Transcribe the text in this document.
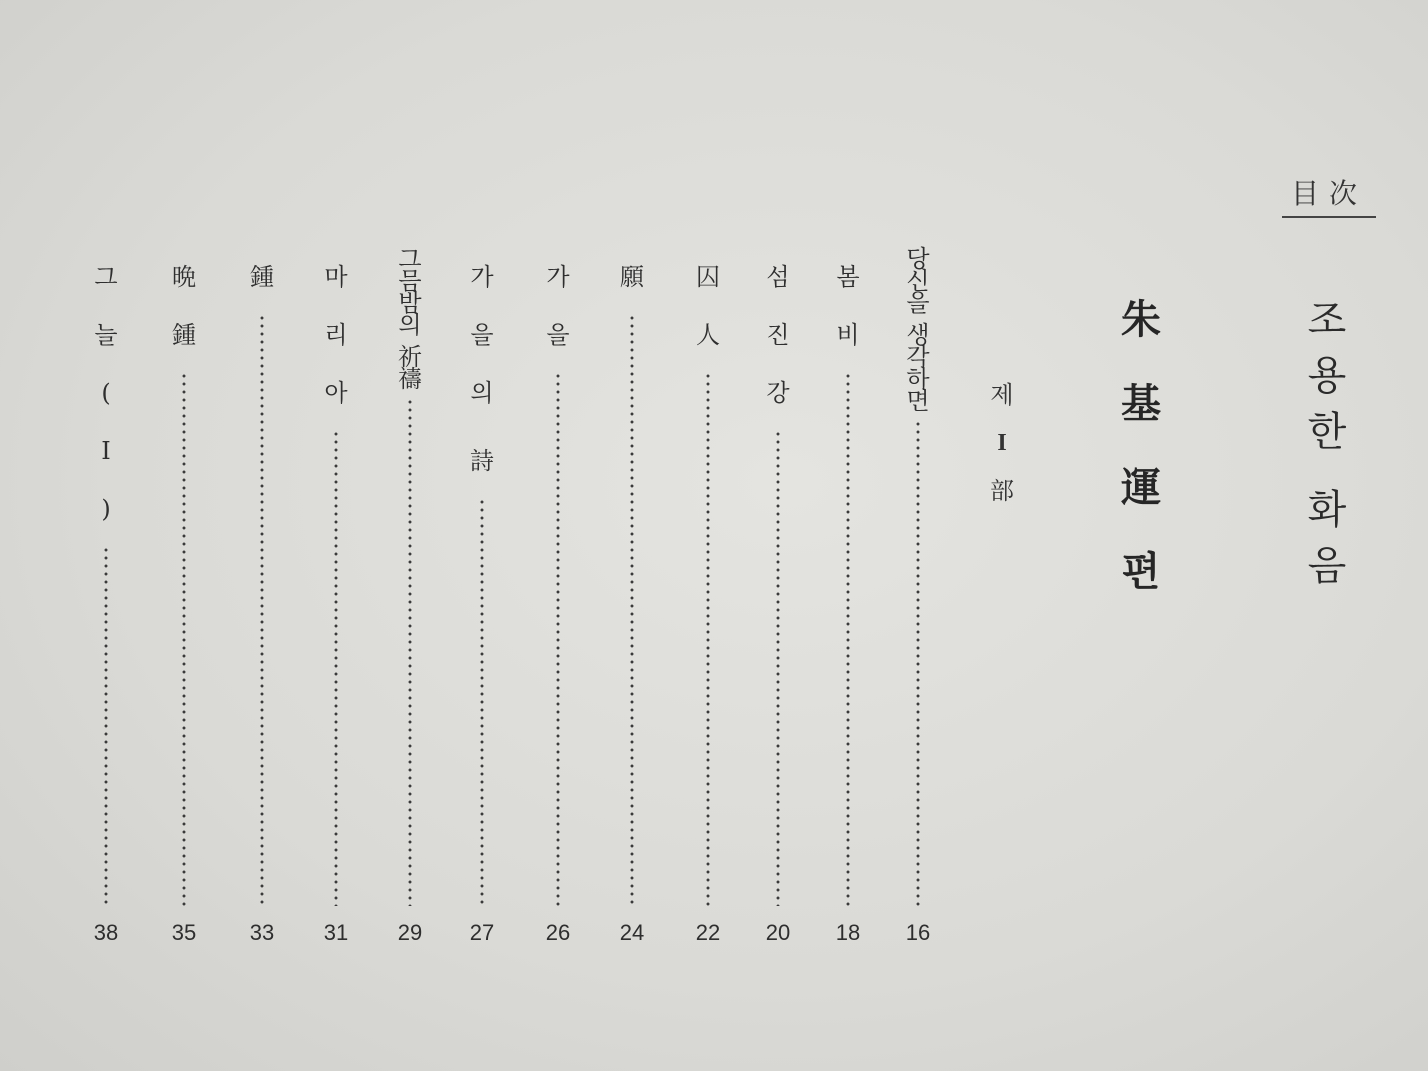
目次
조
용
한
화
음
朱
基
運
편
제
I
部
당
신
을
생
각
하
면
16
봄
비
18
섬
진
강
20
囚
人
22
願
24
가
을
26
가
을
의
詩
27
그
믐
밤
의
祈
禱
29
마
리
아
31
鍾
33
晩
鍾
35
그
늘
(
I
)
38
